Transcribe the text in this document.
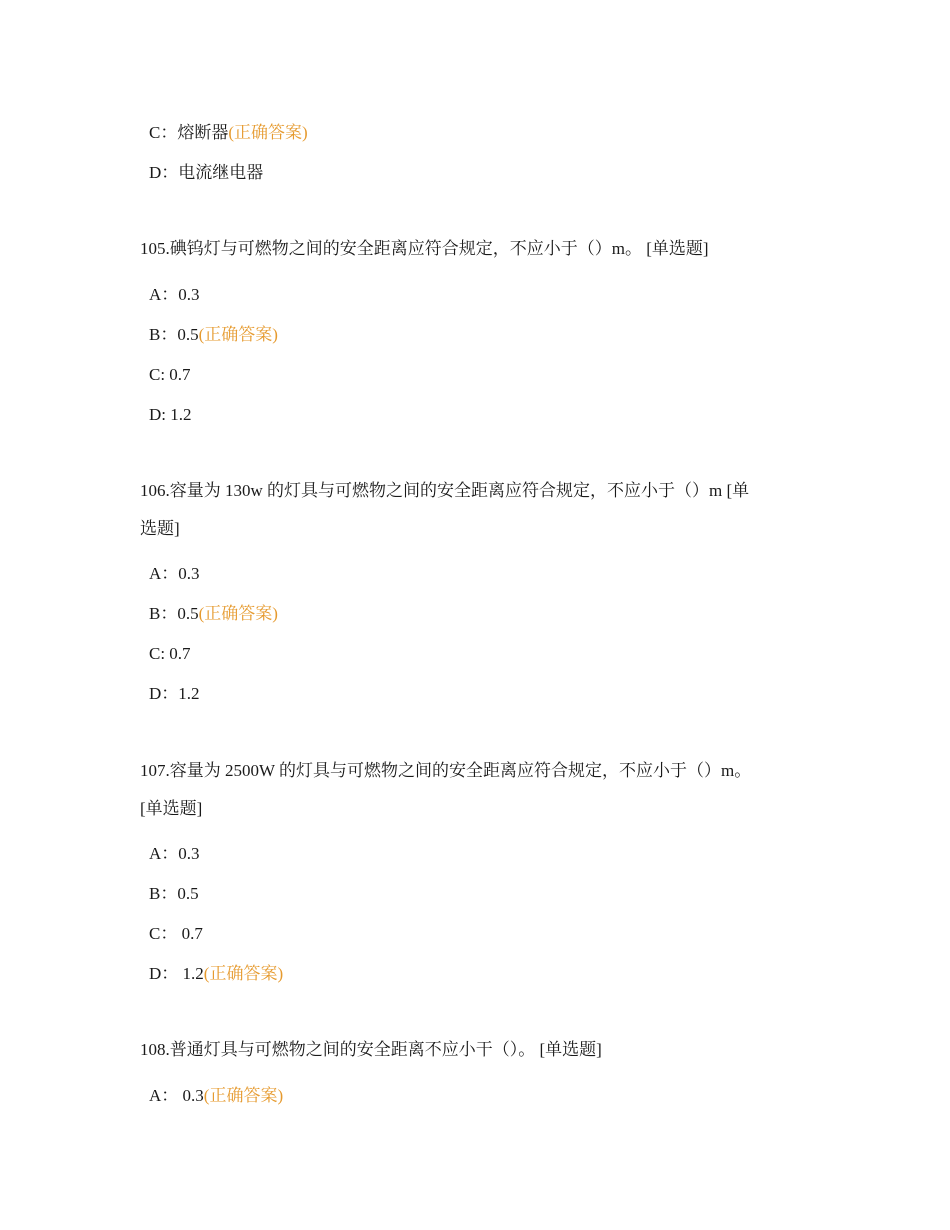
C：熔断器(正确答案)
D：电流继电器
105.碘钨灯与可燃物之间的安全距离应符合规定，不应小于（）m。 [单选题]
A：0.3
B：0.5(正确答案)
C: 0.7
D: 1.2
106.容量为 130w 的灯具与可燃物之间的安全距离应符合规定，不应小于（）m [单
选题]
A：0.3
B：0.5(正确答案)
C: 0.7
D：1.2
107.容量为 2500W 的灯具与可燃物之间的安全距离应符合规定，不应小于（）m。
[单选题]
A：0.3
B：0.5
C： 0.7
D： 1.2(正确答案)
108.普通灯具与可燃物之间的安全距离不应小干（）。 [单选题]
A： 0.3(正确答案)
